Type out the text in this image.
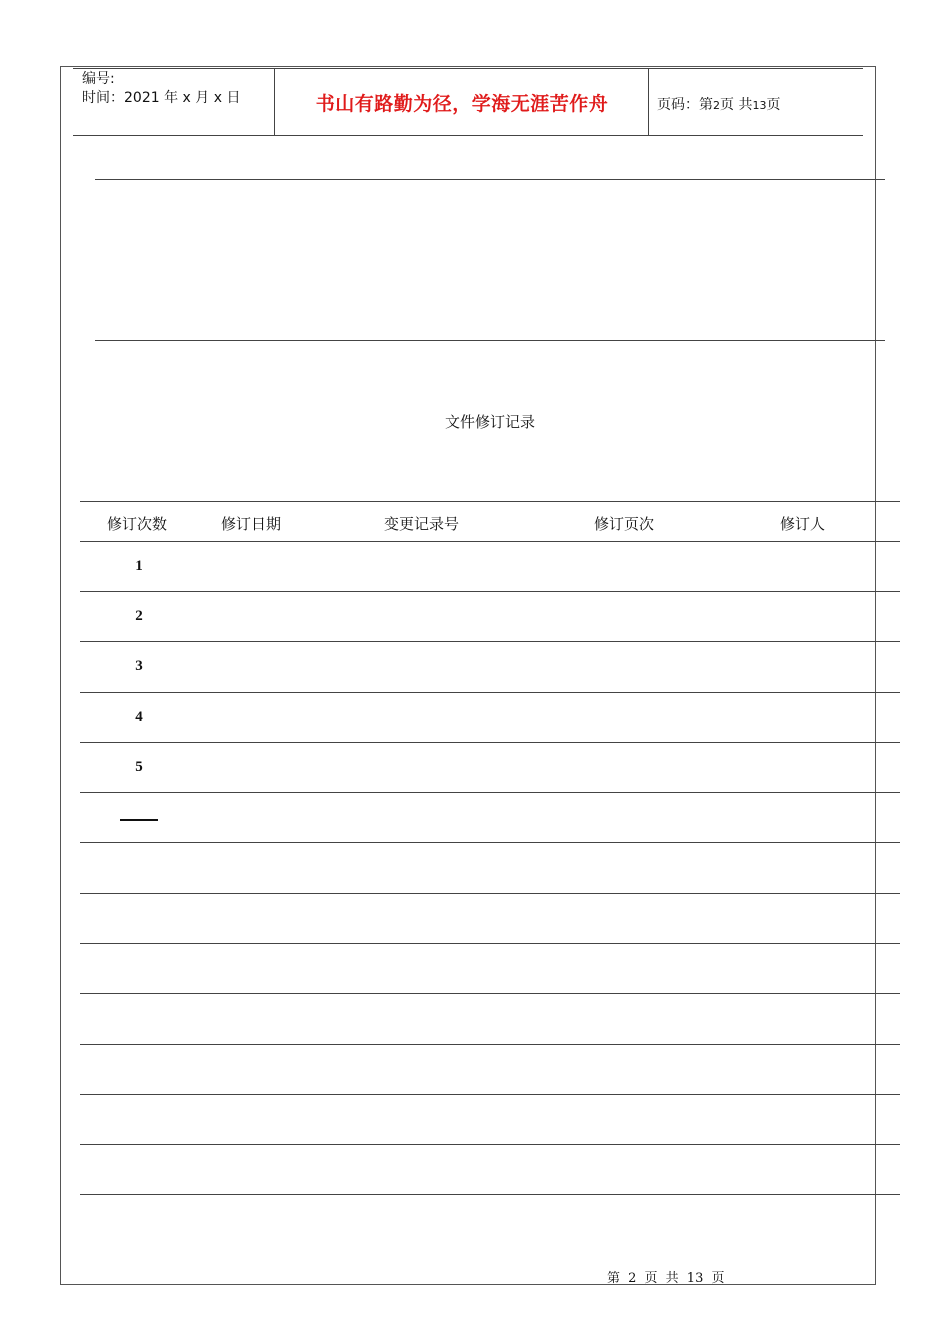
编号:
时间：2021 年 x 月 x 日	书山有路勤为径，学海无涯苦作舟	页码：第2页 共13页
文件修订记录
修订次数	修订日期	变更记录号	修订页次	修订人
1
2
3
4
5
第 2 页 共 13 页
